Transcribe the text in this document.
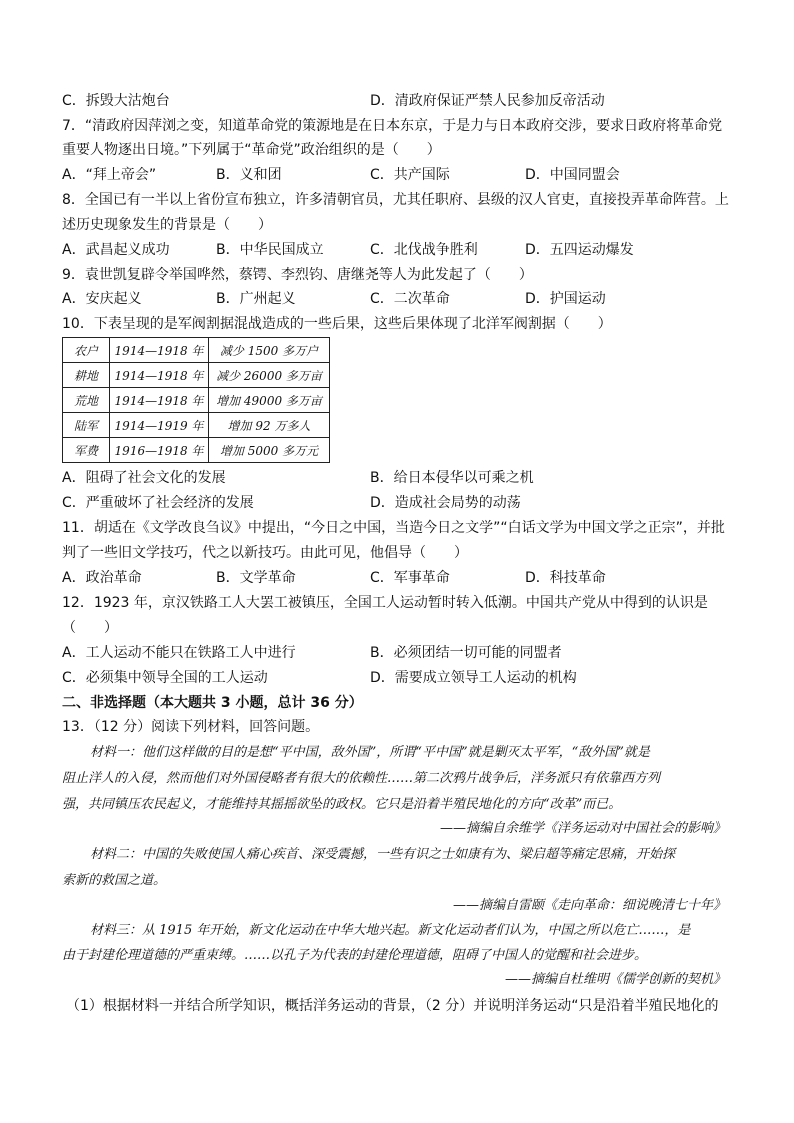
C．拆毁大沽炮台	D．清政府保证严禁人民参加反帝活动
7．“清政府因萍浏之变，知道革命党的策源地是在日本东京，于是力与日本政府交涉，要求日政府将革命党
重要人物逐出日境。”下列属于“革命党”政治组织的是（　　）
A．“拜上帝会”	B．义和团	C．共产国际	D．中国同盟会
8．全国已有一半以上省份宣布独立，许多清朝官员，尤其任职府、县级的汉人官吏，直接投弄革命阵营。上
述历史现象发生的背景是（　　）
A．武昌起义成功	B．中华民国成立	C．北伐战争胜利	D．五四运动爆发
9．袁世凯复辟令举国哗然，蔡锷、李烈钧、唐继尧等人为此发起了（　　）
A．安庆起义	B．广州起义	C．二次革命	D．护国运动
10．下表呈现的是军阀割据混战造成的一些后果，这些后果体现了北洋军阀割据（　　）
农户	1914—1918 年	减少 1500 多万户
耕地	1914—1918 年	减少 26000 多万亩
荒地	1914—1918 年	增加 49000 多万亩
陆军	1914—1919 年	增加 92 万多人
军费	1916—1918 年	增加 5000 多万元
A．阻碍了社会文化的发展	B．给日本侵华以可乘之机
C．严重破坏了社会经济的发展	D．造成社会局势的动荡
11．胡适在《文学改良刍议》中提出，“今日之中国，当造今日之文学”“白话文学为中国文学之正宗”，并批
判了一些旧文学技巧，代之以新技巧。由此可见，他倡导（　　）
A．政治革命	B．文学革命	C．军事革命	D．科技革命
12．1923 年，京汉铁路工人大罢工被镇压，全国工人运动暂时转入低潮。中国共产党从中得到的认识是
（　　）
A．工人运动不能只在铁路工人中进行	B．必须团结一切可能的同盟者
C．必须集中领导全国的工人运动	D．需要成立领导工人运动的机构
二、非选择题（本大题共 3 小题，总计 36 分）
13．（12 分）阅读下列材料，回答问题。
材料一：他们这样做的目的是想“平中国，敌外国”，所谓“平中国”就是剿灭太平军，“敌外国”就是
阻止洋人的入侵，然而他们对外国侵略者有很大的依赖性……第二次鸦片战争后，洋务派只有依靠西方列
强，共同镇压农民起义，才能维持其摇摇欲坠的政权。它只是沿着半殖民地化的方向“改革”而已。
——摘编自余维学《洋务运动对中国社会的影响》
材料二：中国的失败使国人痛心疾首、深受震撼，一些有识之士如康有为、梁启超等痛定思痛，开始探
索新的救国之道。
——摘编自雷颐《走向革命：细说晚清七十年》
材料三：从 1915 年开始，新文化运动在中华大地兴起。新文化运动者们认为，中国之所以危亡……，是
由于封建伦理道德的严重束缚。……以孔子为代表的封建伦理道德，阻碍了中国人的觉醒和社会进步。
——摘编自杜维明《儒学创新的契机》
（1）根据材料一并结合所学知识，概括洋务运动的背景，（2 分）并说明洋务运动“只是沿着半殖民地化的
